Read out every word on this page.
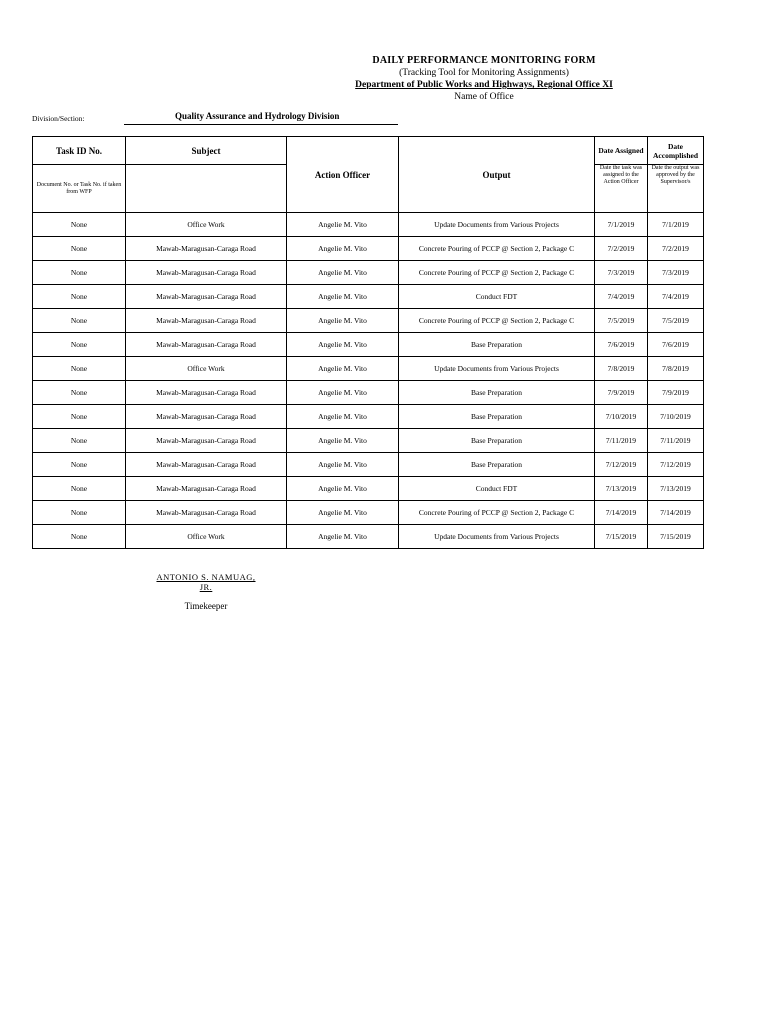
DAILY PERFORMANCE MONITORING FORM
(Tracking Tool for Monitoring Assignments)
Department of Public Works and Highways, Regional Office XI
Name of Office
Division/Section:	Quality Assurance and Hydrology Division
Task ID No.	Subject	Action Officer	Output	Date Assigned	Date Accomplished
Document No. or Task No. if taken from WFP				Date the task was assigned to the Action Officer	Date the output was approved by the Supervisor/s
None	Office Work	Angelie M. Vito	Update Documents from Various Projects	7/1/2019	7/1/2019
None	Mawab-Maragusan-Caraga Road	Angelie M. Vito	Concrete Pouring of PCCP @ Section 2, Package C	7/2/2019	7/2/2019
None	Mawab-Maragusan-Caraga Road	Angelie M. Vito	Concrete Pouring of PCCP @ Section 2, Package C	7/3/2019	7/3/2019
None	Mawab-Maragusan-Caraga Road	Angelie M. Vito	Conduct FDT	7/4/2019	7/4/2019
None	Mawab-Maragusan-Caraga Road	Angelie M. Vito	Concrete Pouring of PCCP @ Section 2, Package C	7/5/2019	7/5/2019
None	Mawab-Maragusan-Caraga Road	Angelie M. Vito	Base Preparation	7/6/2019	7/6/2019
None	Office Work	Angelie M. Vito	Update Documents from Various Projects	7/8/2019	7/8/2019
None	Mawab-Maragusan-Caraga Road	Angelie M. Vito	Base Preparation	7/9/2019	7/9/2019
None	Mawab-Maragusan-Caraga Road	Angelie M. Vito	Base Preparation	7/10/2019	7/10/2019
None	Mawab-Maragusan-Caraga Road	Angelie M. Vito	Base Preparation	7/11/2019	7/11/2019
None	Mawab-Maragusan-Caraga Road	Angelie M. Vito	Base Preparation	7/12/2019	7/12/2019
None	Mawab-Maragusan-Caraga Road	Angelie M. Vito	Conduct FDT	7/13/2019	7/13/2019
None	Mawab-Maragusan-Caraga Road	Angelie M. Vito	Concrete Pouring of PCCP @ Section 2, Package C	7/14/2019	7/14/2019
None	Office Work	Angelie M. Vito	Update Documents from Various Projects	7/15/2019	7/15/2019
ANTONIO S. NAMUAG, JR.
Timekeeper
